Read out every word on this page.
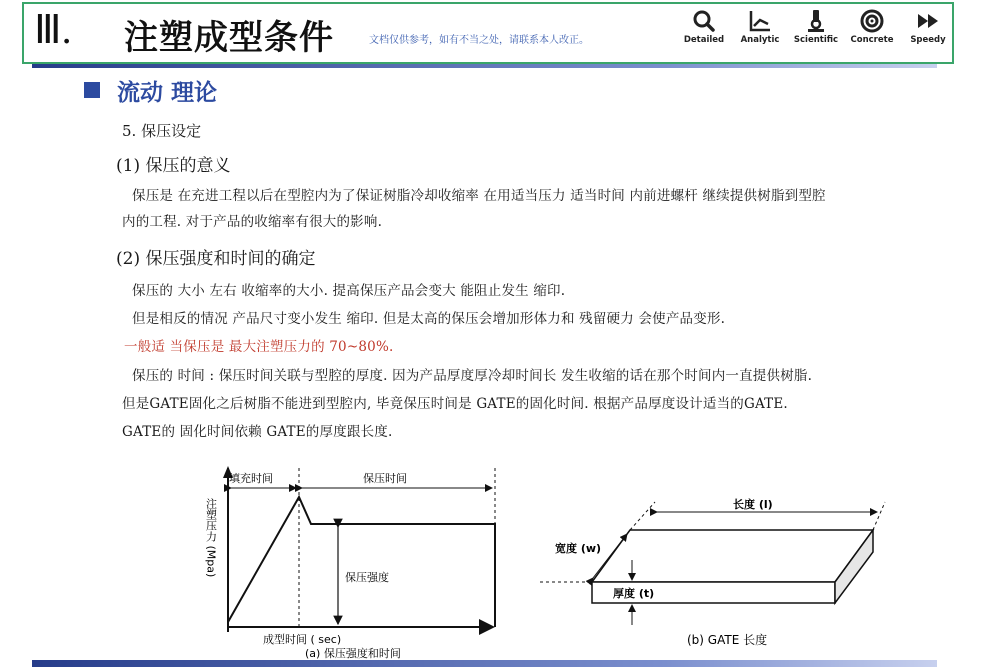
Ⅲ. 注塑成型条件	文档仅供参考，如有不当之处，请联系本人改正。	Detailed	Analytic	Scientific	Concrete	Speedy
流动 理论
5. 保压设定
(1) 保压的意义
保压是 在充进工程以后在型腔内为了保证树脂冷却收缩率 在用适当压力 适当时间 内前进螺杆 继续提供树脂到型腔
内的工程. 对于产品的收缩率有很大的影响.
(2) 保压强度和时间的确定
保压的 大小 左右 收缩率的大小. 提高保压产品会变大 能阻止发生 缩印.
但是相反的情况 产品尺寸变小发生 缩印. 但是太高的保压会增加形体力和 残留硬力 会使产品变形.
一般适 当保压是 最大注塑压力的 70~80%.
保压的 时间 : 保压时间关联与型腔的厚度. 因为产品厚度厚冷却时间长 发生收缩的话在那个时间内一直提供树脂.
但是GATE固化之后树脂不能进到型腔内, 毕竟保压时间是 GATE的固化时间. 根据产品厚度设计适当的GATE.
GATE的 固化时间依赖 GATE的厚度跟长度.
填充时间	保压时间
保压强度
注塑压力 (Mpa)
成型时间 ( sec)
(a) 保压强度和时间
长度 (l)
宽度 (w)
厚度 (t)
(b) GATE 长度
